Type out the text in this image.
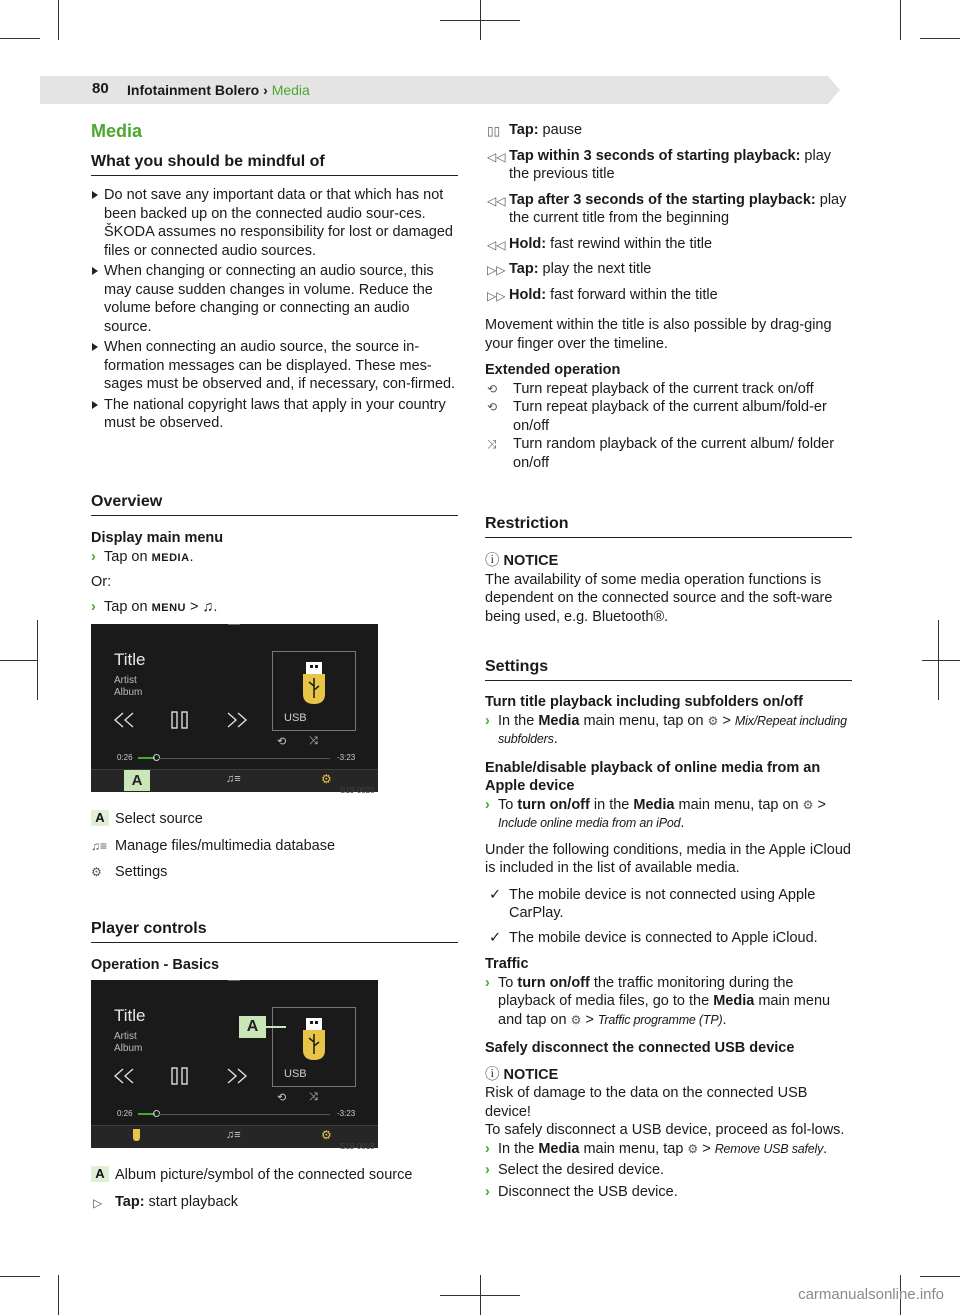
80 Infotainment Bolero › Media

Media

What you should be mindful of

Do not save any important data or that which has not been backed up on the connected audio sour-ces. ŠKODA assumes no responsibility for lost or damaged files or connected audio sources.
When changing or connecting an audio source, this may cause sudden changes in volume. Reduce the volume before changing or connecting an audio source.
When connecting an audio source, the source in-formation messages can be displayed. These mes-sages must be observed and, if necessary, con-firmed.
The national copyright laws that apply in your country must be observed.

Overview

Display main menu

› Tap on MEDIA.

Or:

› Tap on MENU > ♫.

Title
Artist
Album
USB
⟲ ⤨
0:26	-3:23
A	♫≡	⚙
S19-0020
A Select source
♫≡ Manage files/multimedia database
⚙ Settings

Player controls

Operation - Basics

Title
Artist
Album
A
USB
⟲ ⤨
0:26	-3:23
♫≡	⚙
S19-0019
A Album picture/symbol of the connected source
▷ Tap: start playback
▯▯ Tap: pause
◁◁ Tap within 3 seconds of starting playback: play the previous title
◁◁ Tap after 3 seconds of the starting playback: play the current title from the beginning
◁◁ Hold: fast rewind within the title
▷▷ Tap: play the next title
▷▷ Hold: fast forward within the title

Movement within the title is also possible by drag-ging your finger over the timeline.

Extended operation

⟲ Turn repeat playback of the current track on/off
⟲ Turn repeat playback of the current album/fold-er on/off
⤨ Turn random playback of the current album/ folder on/off

Restriction

ⓘ NOTICE

The availability of some media operation functions is dependent on the connected source and the soft-ware being used, e.g. Bluetooth®.

Settings

Turn title playback including subfolders on/off

› In the Media main menu, tap on ⚙ > Mix/Repeat including subfolders.

Enable/disable playback of online media from an Apple device

› To turn on/off in the Media main menu, tap on ⚙ > Include online media from an iPod.

Under the following conditions, media in the Apple iCloud is included in the list of available media.

✓ The mobile device is not connected using Apple CarPlay.
✓ The mobile device is connected to Apple iCloud.

Traffic

› To turn on/off the traffic monitoring during the playback of media files, go to the Media main menu and tap on ⚙ > Traffic programme (TP).

Safely disconnect the connected USB device

ⓘ NOTICE

Risk of damage to the data on the connected USB device!

To safely disconnect a USB device, proceed as fol-lows.

› In the Media main menu, tap ⚙ > Remove USB safely.

› Select the desired device.

› Disconnect the USB device.

carmanualsonline.info
